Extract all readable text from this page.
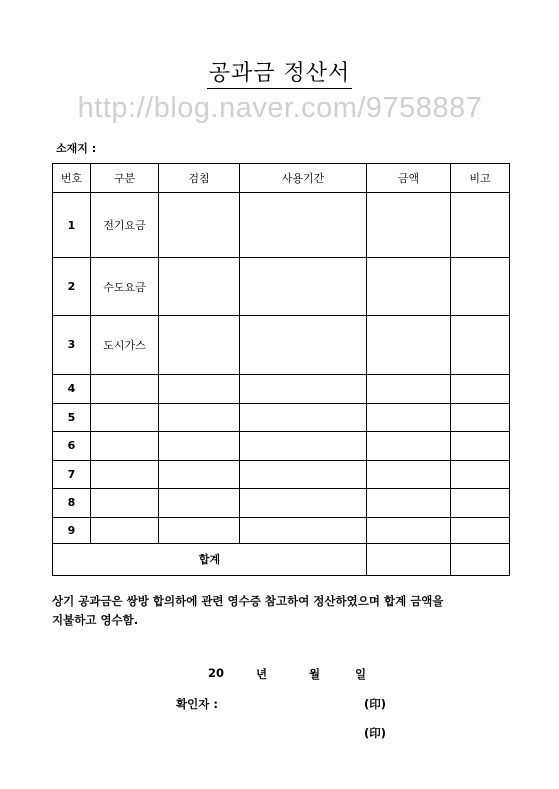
공과금 정산서
http://blog.naver.com/9758887
소재지 :
번호	구분	검침	사용기간	금액	비고
1	전기요금				
2	수도요금				
3	도시가스				
4					
5					
6					
7					
8					
9					
합계					
상기 공과금은 쌍방 합의하에 관련 영수증 참고하여 정산하였으며 합계 금액을
지불하고 영수함.
20	년	월	일
확인자 :	(印)
(印)
